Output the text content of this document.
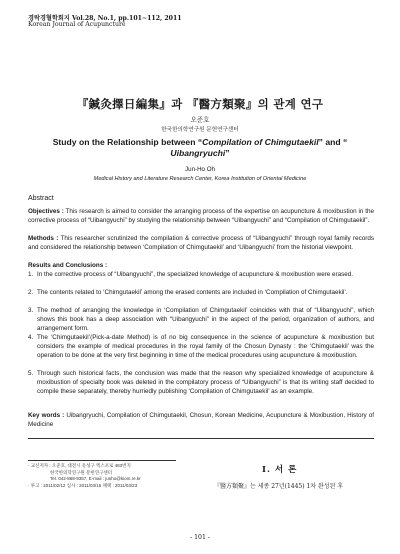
경락경혈학회지 Vol.28, No.1, pp.101∼112, 2011
Korean Journal of Acupuncture
『鍼灸擇日編集』과 『醫方類聚』의 관계 연구
오준호
한국한의학연구원 문헌연구센터
Study on the Relationship between “Compilation of Chimgutaekil” and “
Uibangryuchi”
Jun-Ho Oh
Medical History and Literature Research Center, Korea Institution of Oriental Medicine
Abstract
Objectives : This research is aimed to consider the arranging process of the expertise on acupuncture & moxibustion in the corrective process of “Uibangyuchi” by studying the relationship between “Uibangyuchi” and “Compilation of Chimgutaekil”.
Methods : This researcher scrutinized the compilation & corrective process of “Uibangyuchi” through royal family records and considered the relationship between ‘Compilation of Chimgutaekil’ and ‘Uibangyuchi’ from the historial viewpoint.
Results and Conclusions :
1. In the corrective process of “Uibangyuchi”, the specialized knowledge of acupuncture & moxibustion were erased.
2. The contents related to ‘Chimgutaekil’ among the erased contents are included in ‘Compilation of Chimgutaekil’.
3. The method of arranging the knowledge in ‘Compilation of Chimgutaekil’ coincides with that of “Uibangyuchi”, which shows this book has a deep association with “Uibangyuchi” in the aspect of the period, organization of authors, and arrangement form.
4. The ‘Chimgutaekil’(Pick-a-date Method) is of no big consequence in the science of acupuncture & moxibustion but considers the example of medical procedures in the royal family of the Chosun Dynasty : the ‘Chimgutaekil’ was the operation to be done at the very first beginning in time of the medical procedures using acupuncture & moxibustion.
5. Through such historical facts, the conclusion was made that the reason why specialized knowledge of acupuncture & moxibustion of specialty book was deleted in the compilatory process of “Uibangyuchi” is that its writing staff decided to compile these separately, thereby hurriedly publishing ‘Compilation of Chimgutaekil’ as an example.
Key words : Uibangryuchi, Compilation of Chimgutaekil, Chosun, Korean Medicine, Acupuncture & Moxibustion, History of Medicine
· 교신저자 : 오준호, 대전시 유성구 엑스포로 483번지
한국한의학연구원 문헌연구센터
Tel. 042-868-9357, E-mail : junho@kiom.re.kr
· 투고 : 2011/02/12 심사 : 2011/03/16 채택 : 2011/03/23
Ⅰ. 서 론
『醫方類聚』는 세종 27년(1445) 1차 완성된 후
- 101 -
